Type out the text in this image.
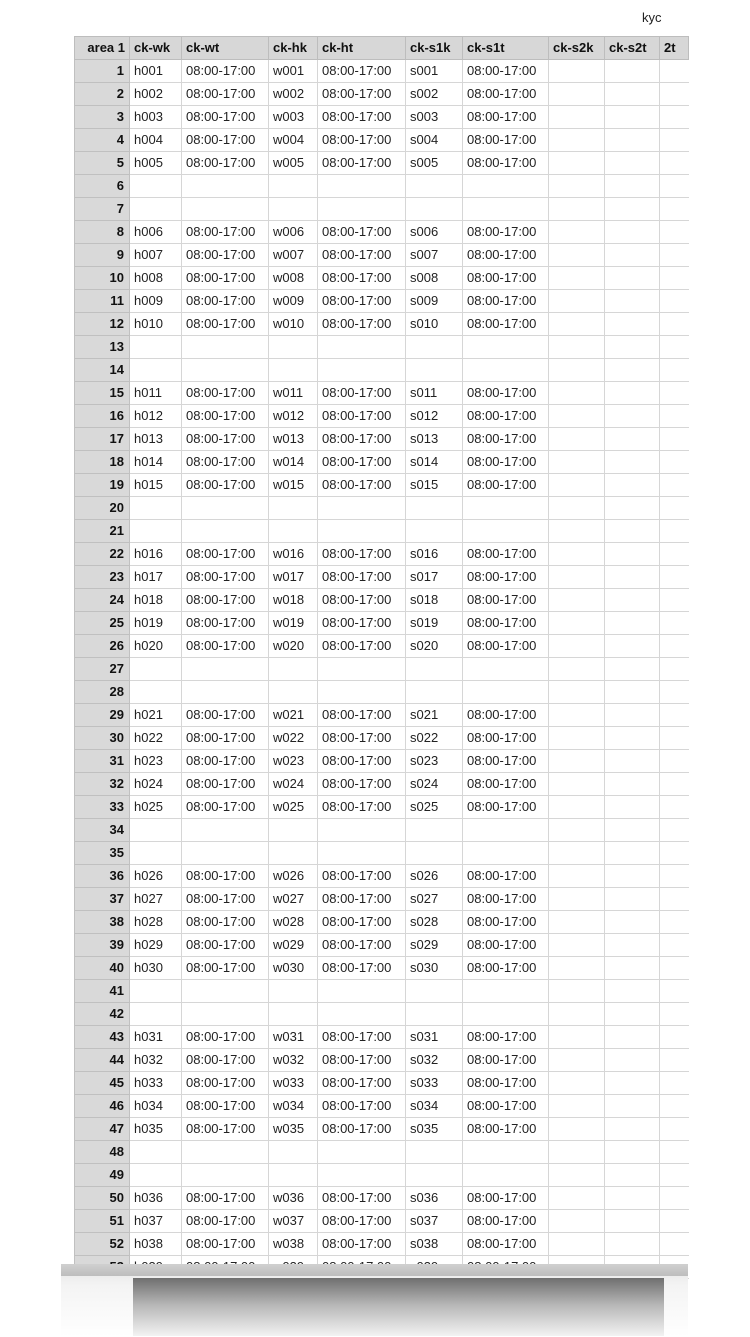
kyc
area 1	ck-wk	ck-wt	ck-hk	ck-ht	ck-s1k	ck-s1t	ck-s2k	ck-s2t	2t
1	h001	08:00-17:00	w001	08:00-17:00	s001	08:00-17:00			
2	h002	08:00-17:00	w002	08:00-17:00	s002	08:00-17:00			
3	h003	08:00-17:00	w003	08:00-17:00	s003	08:00-17:00			
4	h004	08:00-17:00	w004	08:00-17:00	s004	08:00-17:00			
5	h005	08:00-17:00	w005	08:00-17:00	s005	08:00-17:00			
6									
7									
8	h006	08:00-17:00	w006	08:00-17:00	s006	08:00-17:00			
9	h007	08:00-17:00	w007	08:00-17:00	s007	08:00-17:00			
10	h008	08:00-17:00	w008	08:00-17:00	s008	08:00-17:00			
11	h009	08:00-17:00	w009	08:00-17:00	s009	08:00-17:00			
12	h010	08:00-17:00	w010	08:00-17:00	s010	08:00-17:00			
13									
14									
15	h011	08:00-17:00	w011	08:00-17:00	s011	08:00-17:00			
16	h012	08:00-17:00	w012	08:00-17:00	s012	08:00-17:00			
17	h013	08:00-17:00	w013	08:00-17:00	s013	08:00-17:00			
18	h014	08:00-17:00	w014	08:00-17:00	s014	08:00-17:00			
19	h015	08:00-17:00	w015	08:00-17:00	s015	08:00-17:00			
20									
21									
22	h016	08:00-17:00	w016	08:00-17:00	s016	08:00-17:00			
23	h017	08:00-17:00	w017	08:00-17:00	s017	08:00-17:00			
24	h018	08:00-17:00	w018	08:00-17:00	s018	08:00-17:00			
25	h019	08:00-17:00	w019	08:00-17:00	s019	08:00-17:00			
26	h020	08:00-17:00	w020	08:00-17:00	s020	08:00-17:00			
27									
28									
29	h021	08:00-17:00	w021	08:00-17:00	s021	08:00-17:00			
30	h022	08:00-17:00	w022	08:00-17:00	s022	08:00-17:00			
31	h023	08:00-17:00	w023	08:00-17:00	s023	08:00-17:00			
32	h024	08:00-17:00	w024	08:00-17:00	s024	08:00-17:00			
33	h025	08:00-17:00	w025	08:00-17:00	s025	08:00-17:00			
34									
35									
36	h026	08:00-17:00	w026	08:00-17:00	s026	08:00-17:00			
37	h027	08:00-17:00	w027	08:00-17:00	s027	08:00-17:00			
38	h028	08:00-17:00	w028	08:00-17:00	s028	08:00-17:00			
39	h029	08:00-17:00	w029	08:00-17:00	s029	08:00-17:00			
40	h030	08:00-17:00	w030	08:00-17:00	s030	08:00-17:00			
41									
42									
43	h031	08:00-17:00	w031	08:00-17:00	s031	08:00-17:00			
44	h032	08:00-17:00	w032	08:00-17:00	s032	08:00-17:00			
45	h033	08:00-17:00	w033	08:00-17:00	s033	08:00-17:00			
46	h034	08:00-17:00	w034	08:00-17:00	s034	08:00-17:00			
47	h035	08:00-17:00	w035	08:00-17:00	s035	08:00-17:00			
48									
49									
50	h036	08:00-17:00	w036	08:00-17:00	s036	08:00-17:00			
51	h037	08:00-17:00	w037	08:00-17:00	s037	08:00-17:00			
52	h038	08:00-17:00	w038	08:00-17:00	s038	08:00-17:00			
